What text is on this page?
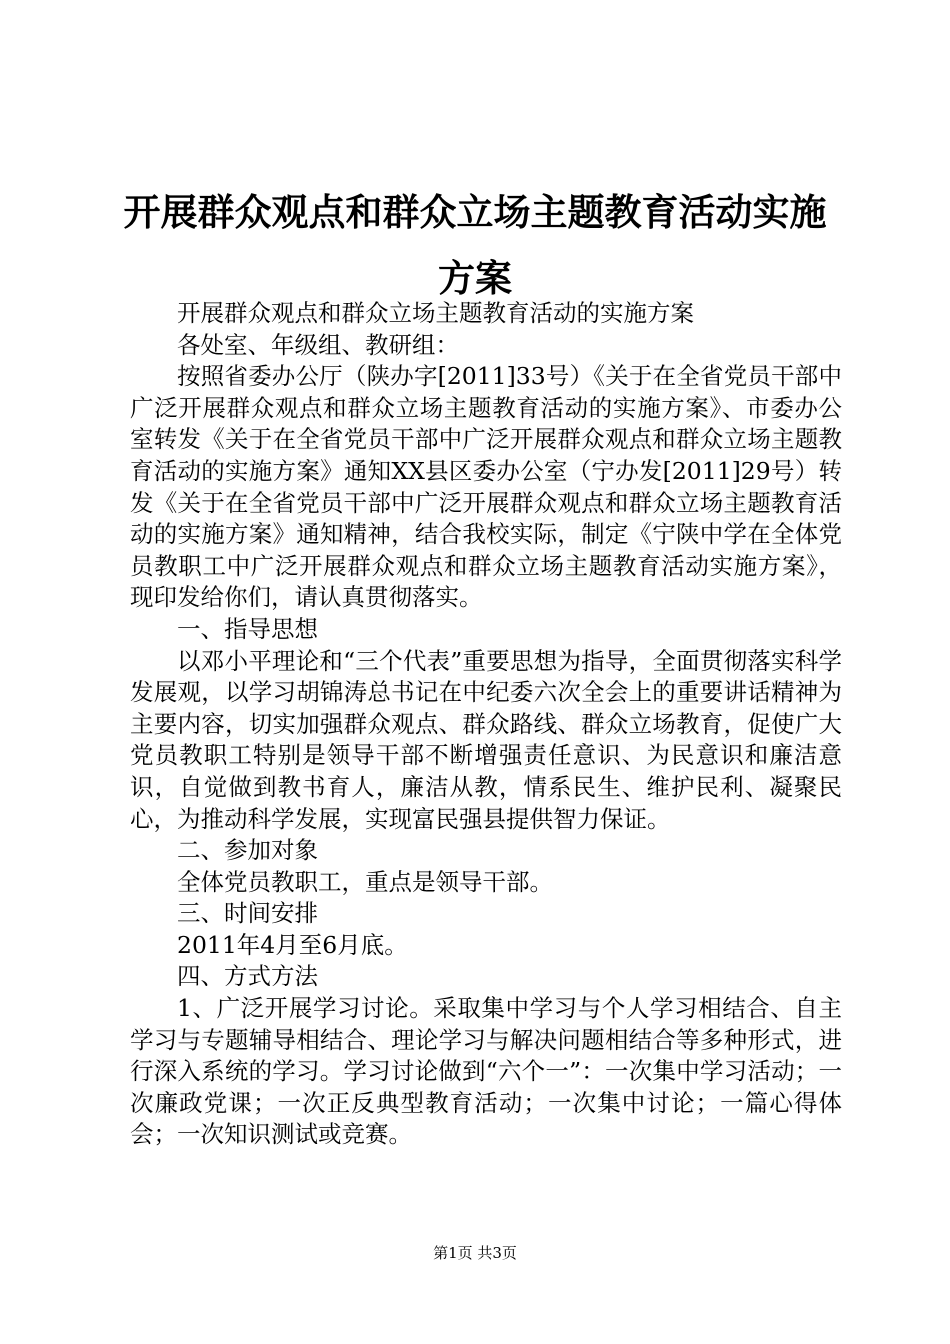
开展群众观点和群众立场主题教育活动实施方案

开展群众观点和群众立场主题教育活动的实施方案

各处室、年级组、教研组：

按照省委办公厅（陕办字[2011]33号）《关于在全省党员干部中广泛开展群众观点和群众立场主题教育活动的实施方案》、市委办公室转发《关于在全省党员干部中广泛开展群众观点和群众立场主题教育活动的实施方案》通知XX县区委办公室（宁办发[2011]29号）转发《关于在全省党员干部中广泛开展群众观点和群众立场主题教育活动的实施方案》通知精神，结合我校实际，制定《宁陕中学在全体党员教职工中广泛开展群众观点和群众立场主题教育活动实施方案》，现印发给你们，请认真贯彻落实。

一、指导思想

以邓小平理论和“三个代表”重要思想为指导，全面贯彻落实科学发展观，以学习胡锦涛总书记在中纪委六次全会上的重要讲话精神为主要内容，切实加强群众观点、群众路线、群众立场教育，促使广大党员教职工特别是领导干部不断增强责任意识、为民意识和廉洁意识，自觉做到教书育人，廉洁从教，情系民生、维护民利、凝聚民心，为推动科学发展，实现富民强县提供智力保证。

二、参加对象

全体党员教职工，重点是领导干部。

三、时间安排

2011年4月至6月底。

四、方式方法

1、广泛开展学习讨论。采取集中学习与个人学习相结合、自主学习与专题辅导相结合、理论学习与解决问题相结合等多种形式，进行深入系统的学习。学习讨论做到“六个一”：一次集中学习活动；一次廉政党课；一次正反典型教育活动；一次集中讨论；一篇心得体会；一次知识测试或竞赛。

第1页 共3页
